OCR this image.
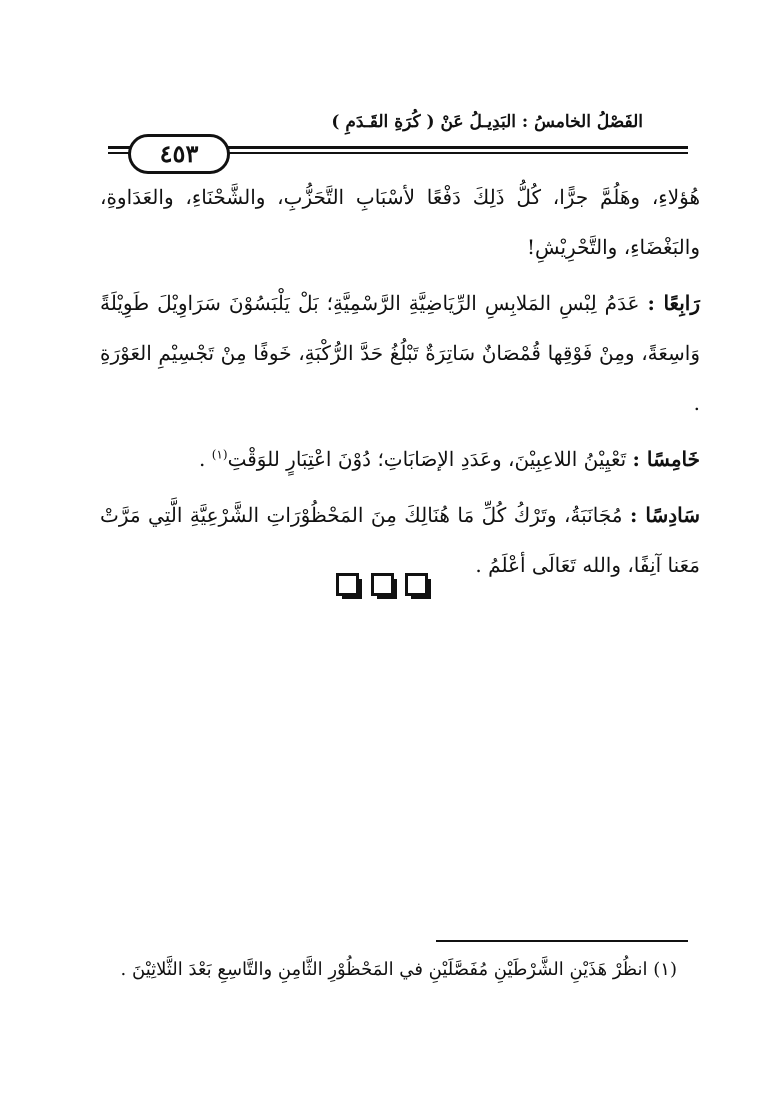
الفَصْلُ الخامسُ : البَدِيـلُ عَنْ ( كُرَةِ القَـدَمِ )
٤٥٣

هُؤلاءِ، وهَلُمَّ جرًّا، كُلُّ ذَلِكَ دَفْعًا لأسْبَابِ التَّحَزُّبِ، والشَّحْنَاءِ، والعَدَاوةِ، والبَغْضَاءِ، والتَّحْرِيْشِ!

رَابِعًا : عَدَمُ لِبْسِ المَلابِسِ الرِّيَاضِيَّةِ الرَّسْمِيَّةِ؛ بَلْ يَلْبَسُوْنَ سَرَاوِيْلَ طَوِيْلَةً وَاسِعَةً، ومِنْ فَوْقِها قُمْصَانٌ سَاتِرَةٌ تَبْلُغُ حَدَّ الرُّكْبَةِ، خَوفًا مِنْ تَجْسِيْمِ العَوْرَةِ .

خَامِسًا : تَعْيِيْنُ اللاعِبِيْنَ، وعَدَدِ الإصَابَاتِ؛ دُوْنَ اعْتِبَارٍ للوَقْتِ$^{(١)}$ .

سَادِسًا : مُجَانَبَةُ، وتَرْكُ كُلِّ مَا هُنَالِكَ مِنَ المَحْظُوْرَاتِ الشَّرْعِيَّةِ الَّتِي مَرَّتْ مَعَنا آنِفًا، والله تَعَالَى أعْلَمُ .

(١) انظُرْ هَذَيْنِ الشَّرْطَيْنِ مُفَصَّلَيْنِ في المَحْظُوْرِ الثَّامِنِ والتَّاسِعِ بَعْدَ الثَّلاثِيْنَ .
